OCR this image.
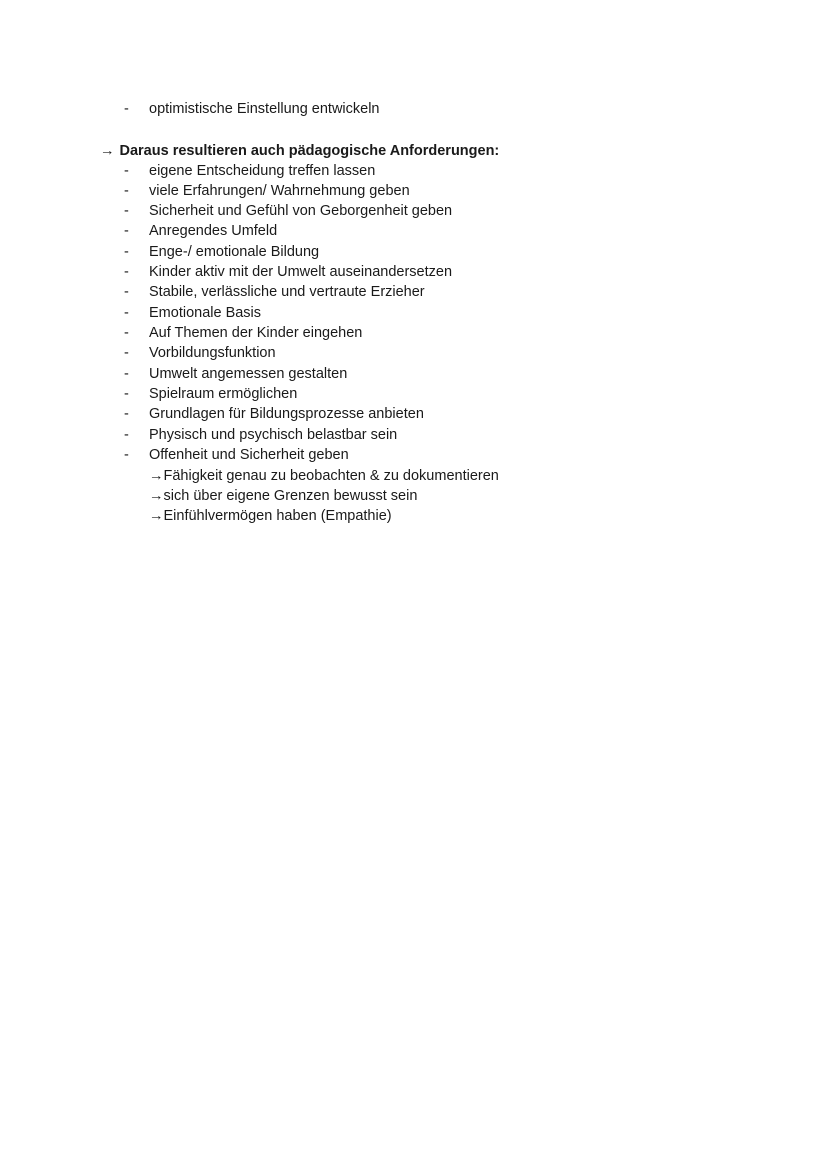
-	optimistische Einstellung entwickeln
→ Daraus resultieren auch pädagogische Anforderungen:
-	eigene Entscheidung treffen lassen
-	viele Erfahrungen/ Wahrnehmung geben
-	Sicherheit und Gefühl von Geborgenheit geben
-	Anregendes Umfeld
-	Enge-/ emotionale Bildung
-	Kinder aktiv mit der Umwelt auseinandersetzen
-	Stabile, verlässliche und vertraute Erzieher
-	Emotionale Basis
-	Auf Themen der Kinder eingehen
-	Vorbildungsfunktion
-	Umwelt angemessen gestalten
-	Spielraum ermöglichen
-	Grundlagen für Bildungsprozesse anbieten
-	Physisch und psychisch belastbar sein
-	Offenheit und Sicherheit geben
→Fähigkeit genau zu beobachten & zu dokumentieren
→sich über eigene Grenzen bewusst sein
→Einfühlvermögen haben (Empathie)
